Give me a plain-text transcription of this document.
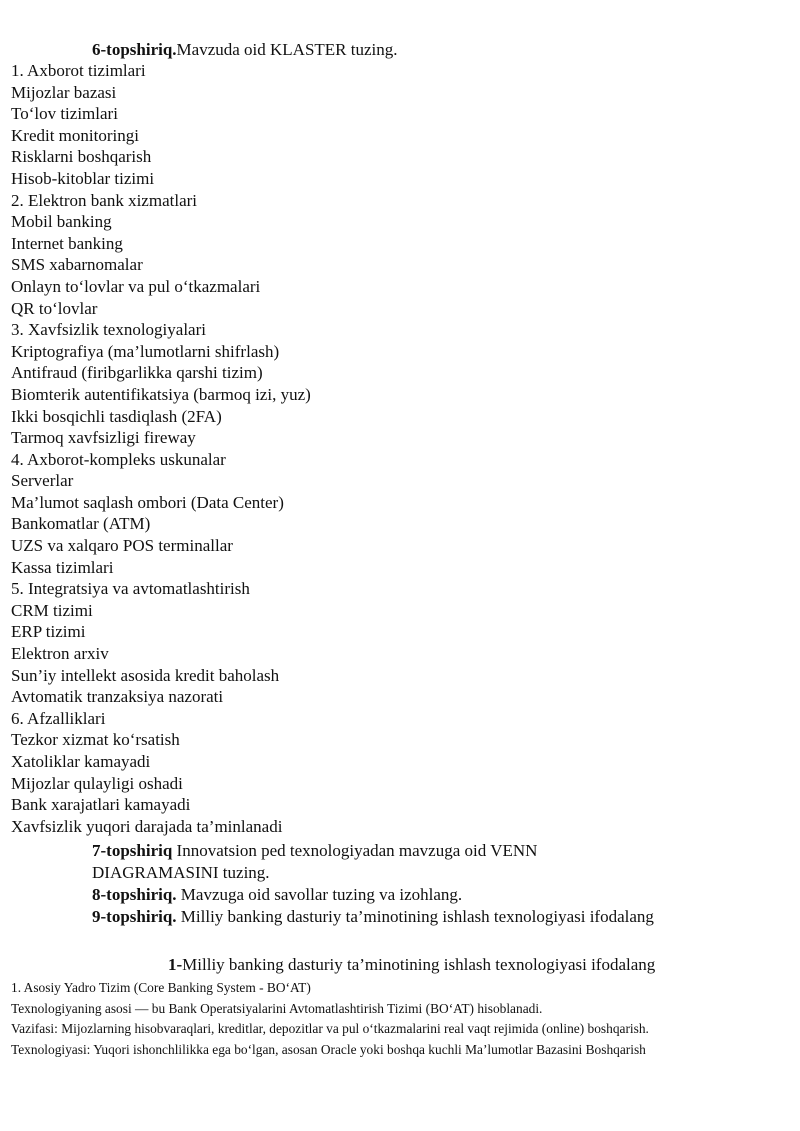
6-topshiriq.Mavzuda oid KLASTER tuzing.
1. Axborot tizimlari
Mijozlar bazasi
To‘lov tizimlari
Kredit monitoringi
Risklarni boshqarish
Hisob-kitoblar tizimi
2. Elektron bank xizmatlari
Mobil banking
Internet banking
SMS xabarnomalar
Onlayn to‘lovlar va pul o‘tkazmalari
QR to‘lovlar
3. Xavfsizlik texnologiyalari
Kriptografiya (ma’lumotlarni shifrlash)
Antifraud (firibgarlikka qarshi tizim)
Biomterik autentifikatsiya (barmoq izi, yuz)
Ikki bosqichli tasdiqlash (2FA)
Tarmoq xavfsizligi fireway
4. Axborot-kompleks uskunalar
Serverlar
Ma’lumot saqlash ombori (Data Center)
Bankomatlar (ATM)
UZS va xalqaro POS terminallar
Kassa tizimlari
5. Integratsiya va avtomatlashtirish
CRM tizimi
ERP tizimi
Elektron arxiv
Sun’iy intellekt asosida kredit baholash
Avtomatik tranzaksiya nazorati
6. Afzalliklari
Tezkor xizmat ko‘rsatish
Xatoliklar kamayadi
Mijozlar qulayligi oshadi
Bank xarajatlari kamayadi
Xavfsizlik yuqori darajada ta’minlanadi
7-topshiriq Innovatsion ped texnologiyadan mavzuga oid VENN
DIAGRAMASINI tuzing.
8-topshiriq. Mavzuga oid savollar tuzing va izohlang.
9-topshiriq. Milliy banking dasturiy ta’minotining ishlash texnologiyasi ifodalang
1-Milliy banking dasturiy ta’minotining ishlash texnologiyasi ifodalang

1. Asosiy Yadro Tizim (Core Banking System - BO‘AT)

Texnologiyaning asosi — bu Bank Operatsiyalarini Avtomatlashtirish Tizimi (BO‘AT) hisoblanadi.

Vazifasi: Mijozlarning hisobvaraqlari, kreditlar, depozitlar va pul o‘tkazmalarini real vaqt rejimida (online) boshqarish.

Texnologiyasi: Yuqori ishonchlilikka ega bo‘lgan, asosan Oracle yoki boshqa kuchli Ma’lumotlar Bazasini Boshqarish
